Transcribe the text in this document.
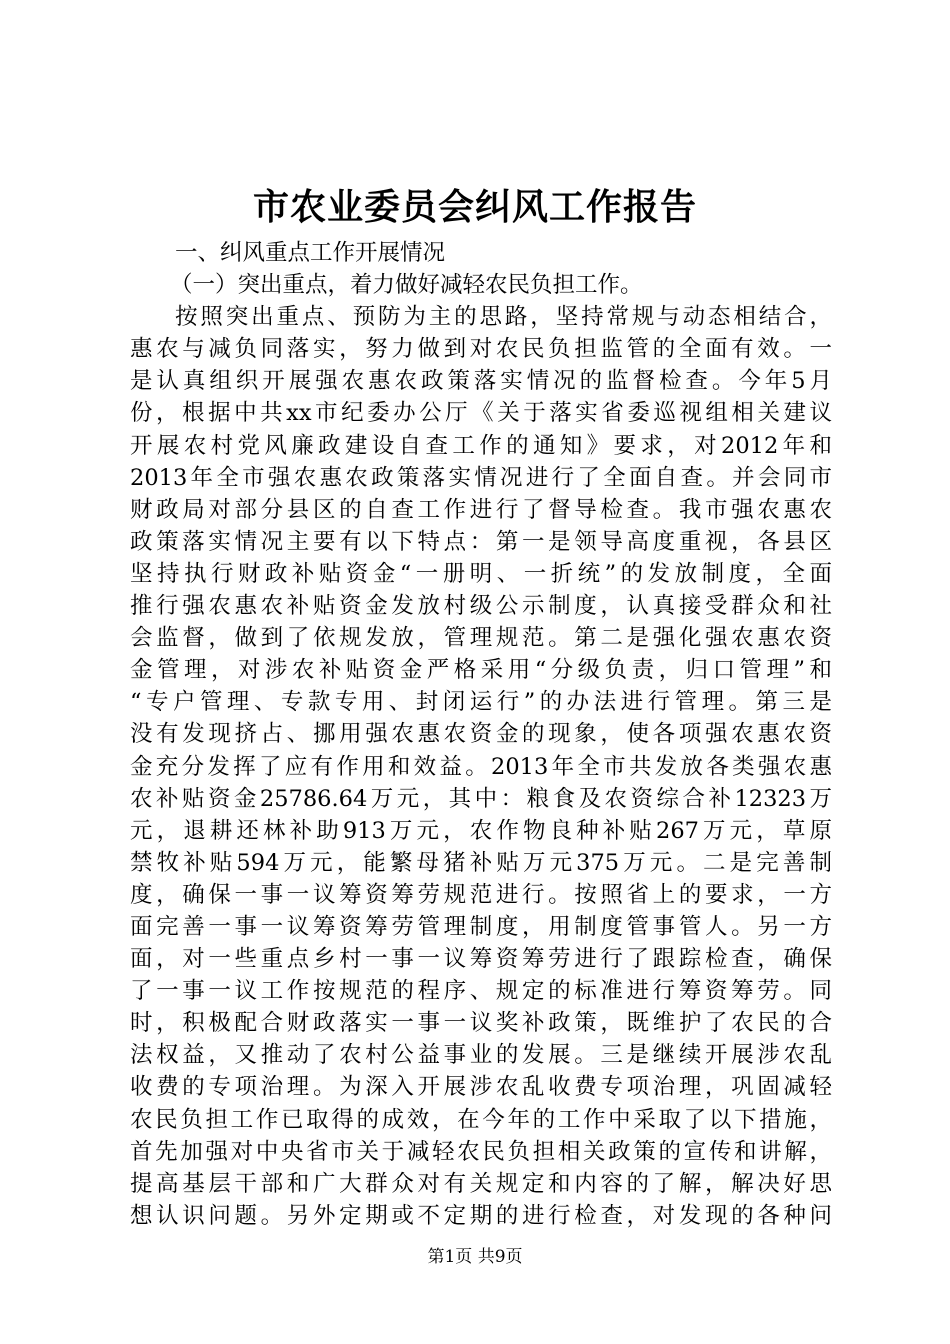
市农业委员会纠风工作报告
一、纠风重点工作开展情况
（一）突出重点，着力做好减轻农民负担工作。
按照突出重点、预防为主的思路，坚持常规与动态相结合，
惠农与减负同落实，努力做到对农民负担监管的全面有效。一
是认真组织开展强农惠农政策落实情况的监督检查。今年5月
份，根据中共xx市纪委办公厅《关于落实省委巡视组相关建议
开展农村党风廉政建设自查工作的通知》要求，对2012年和
2013年全市强农惠农政策落实情况进行了全面自查。并会同市
财政局对部分县区的自查工作进行了督导检查。我市强农惠农
政策落实情况主要有以下特点：第一是领导高度重视，各县区
坚持执行财政补贴资金“一册明、一折统”的发放制度，全面
推行强农惠农补贴资金发放村级公示制度，认真接受群众和社
会监督，做到了依规发放，管理规范。第二是强化强农惠农资
金管理，对涉农补贴资金严格采用“分级负责，归口管理”和
“专户管理、专款专用、封闭运行”的办法进行管理。第三是
没有发现挤占、挪用强农惠农资金的现象，使各项强农惠农资
金充分发挥了应有作用和效益。2013年全市共发放各类强农惠
农补贴资金25786.64万元，其中：粮食及农资综合补12323万
元，退耕还林补助913万元，农作物良种补贴267万元，草原
禁牧补贴594万元，能繁母猪补贴万元375万元。二是完善制
度，确保一事一议筹资筹劳规范进行。按照省上的要求，一方
面完善一事一议筹资筹劳管理制度，用制度管事管人。另一方
面，对一些重点乡村一事一议筹资筹劳进行了跟踪检查，确保
了一事一议工作按规范的程序、规定的标准进行筹资筹劳。同
时，积极配合财政落实一事一议奖补政策，既维护了农民的合
法权益，又推动了农村公益事业的发展。三是继续开展涉农乱
收费的专项治理。为深入开展涉农乱收费专项治理，巩固减轻
农民负担工作已取得的成效，在今年的工作中采取了以下措施，
首先加强对中央省市关于减轻农民负担相关政策的宣传和讲解，
提高基层干部和广大群众对有关规定和内容的了解，解决好思
想认识问题。另外定期或不定期的进行检查，对发现的各种问
第1页 共9页
